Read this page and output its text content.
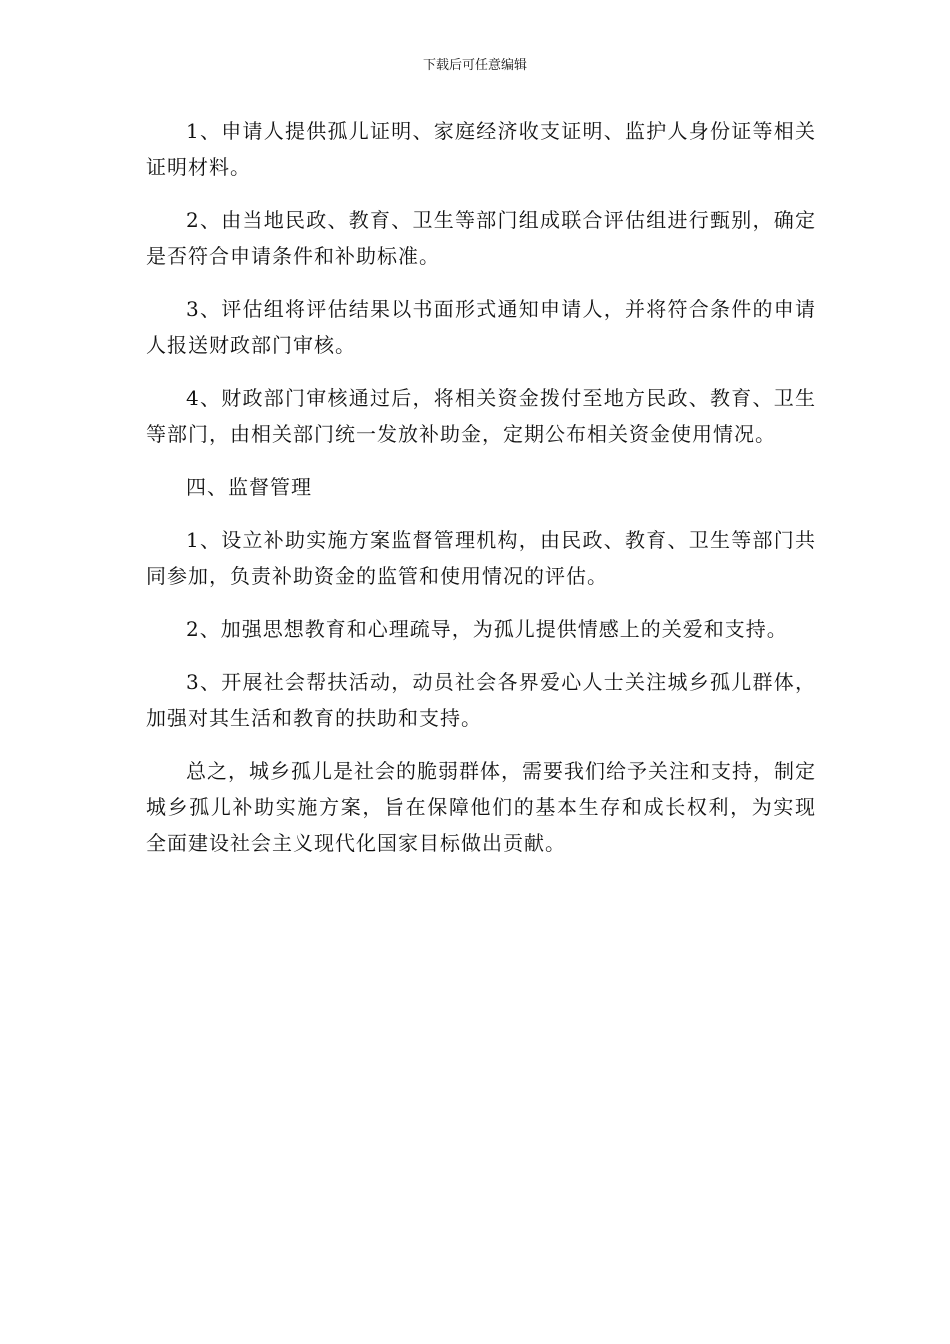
下载后可任意编辑

1、申请人提供孤儿证明、家庭经济收支证明、监护人身份证等相关证明材料。

2、由当地民政、教育、卫生等部门组成联合评估组进行甄别，确定是否符合申请条件和补助标准。

3、评估组将评估结果以书面形式通知申请人，并将符合条件的申请人报送财政部门审核。

4、财政部门审核通过后，将相关资金拨付至地方民政、教育、卫生等部门，由相关部门统一发放补助金，定期公布相关资金使用情况。

四、监督管理

1、设立补助实施方案监督管理机构，由民政、教育、卫生等部门共同参加，负责补助资金的监管和使用情况的评估。

2、加强思想教育和心理疏导，为孤儿提供情感上的关爱和支持。

3、开展社会帮扶活动，动员社会各界爱心人士关注城乡孤儿群体，加强对其生活和教育的扶助和支持。

总之，城乡孤儿是社会的脆弱群体，需要我们给予关注和支持，制定城乡孤儿补助实施方案，旨在保障他们的基本生存和成长权利，为实现全面建设社会主义现代化国家目标做出贡献。
